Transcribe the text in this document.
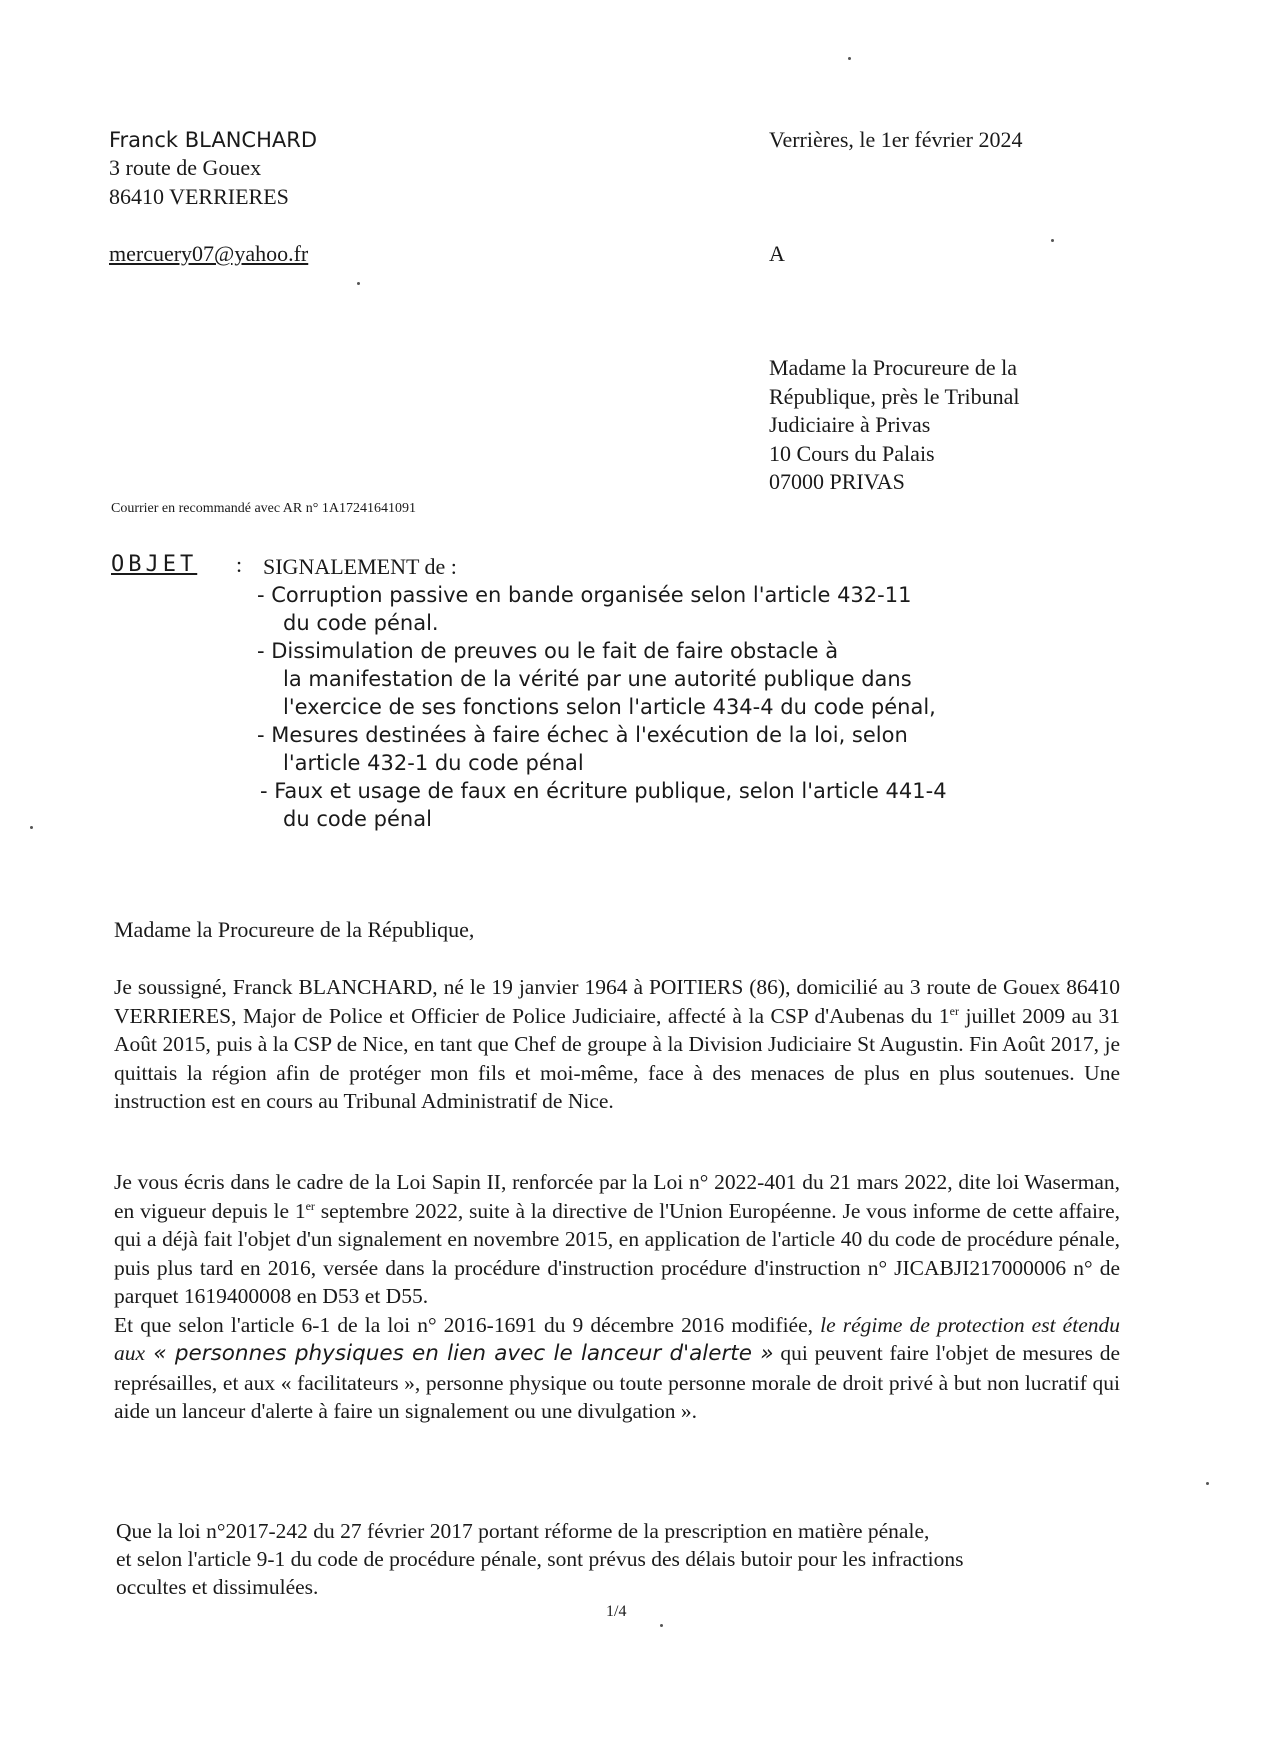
Franck BLANCHARD
3 route de Gouex
86410 VERRIERES
mercuery07@yahoo.fr
Verrières, le 1er février 2024
A
Madame la Procureure de la
République, près le Tribunal
Judiciaire à Privas
10 Cours du Palais
07000 PRIVAS
Courrier en recommandé avec AR n° 1A17241641091
OBJET : SIGNALEMENT de :
- Corruption passive en bande organisée selon l'article 432-11
du code pénal.
- Dissimulation de preuves ou le fait de faire obstacle à
la manifestation de la vérité par une autorité publique dans
l'exercice de ses fonctions selon l'article 434-4 du code pénal,
- Mesures destinées à faire échec à l'exécution de la loi, selon
l'article 432-1 du code pénal
- Faux et usage de faux en écriture publique, selon l'article 441-4
du code pénal
Madame la Procureure de la République,

Je soussigné, Franck BLANCHARD, né le 19 janvier 1964 à POITIERS (86), domicilié au 3 route de Gouex 86410 VERRIERES, Major de Police et Officier de Police Judiciaire, affecté à la CSP d'Aubenas du 1er juillet 2009 au 31 Août 2015, puis à la CSP de Nice, en tant que Chef de groupe à la Division Judiciaire St Augustin. Fin Août 2017, je quittais la région afin de protéger mon fils et moi-même, face à des menaces de plus en plus soutenues. Une instruction est en cours au Tribunal Administratif de Nice.

Je vous écris dans le cadre de la Loi Sapin II, renforcée par la Loi n° 2022-401 du 21 mars 2022, dite loi Waserman, en vigueur depuis le 1er septembre 2022, suite à la directive de l'Union Européenne. Je vous informe de cette affaire, qui a déjà fait l'objet d'un signalement en novembre 2015, en application de l'article 40 du code de procédure pénale, puis plus tard en 2016, versée dans la procédure d'instruction procédure d'instruction n° JICABJI217000006 n° de parquet 1619400008 en D53 et D55.

Et que selon l'article 6-1 de la loi n° 2016-1691 du 9 décembre 2016 modifiée, le régime de protection est étendu aux « personnes physiques en lien avec le lanceur d'alerte » qui peuvent faire l'objet de mesures de représailles, et aux « facilitateurs », personne physique ou toute personne morale de droit privé à but non lucratif qui aide un lanceur d'alerte à faire un signalement ou une divulgation ».

Que la loi n°2017-242 du 27 février 2017 portant réforme de la prescription en matière pénale,
et selon l'article 9-1 du code de procédure pénale, sont prévus des délais butoir pour les infractions
occultes et dissimulées.
1/4
